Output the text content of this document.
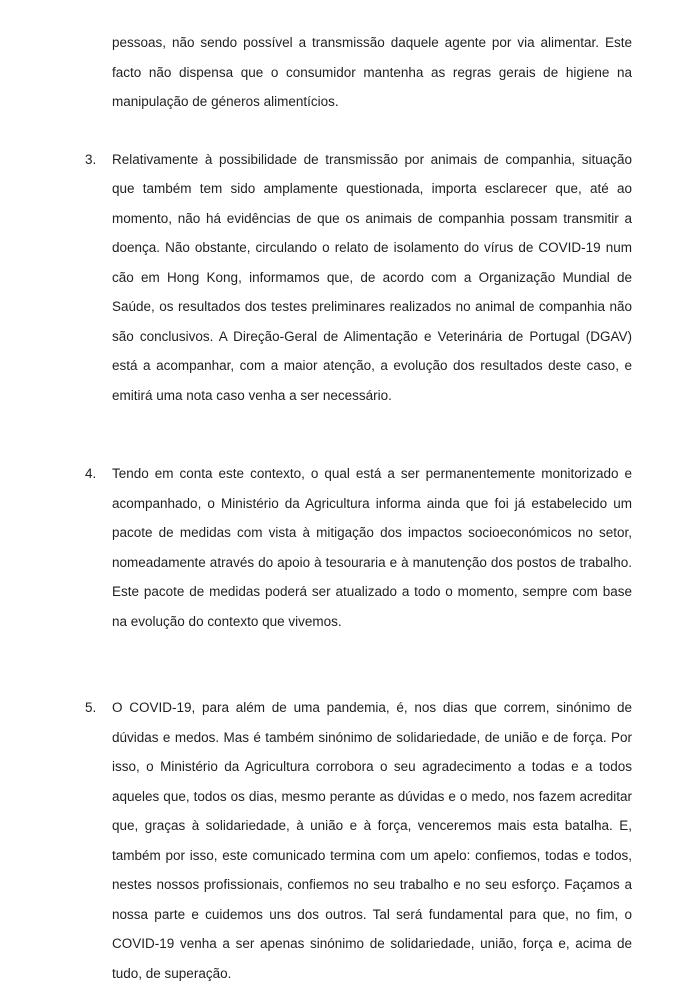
pessoas, não sendo possível a transmissão daquele agente por via alimentar. Este facto não dispensa que o consumidor mantenha as regras gerais de higiene na manipulação de géneros alimentícios.

3. Relativamente à possibilidade de transmissão por animais de companhia, situação que também tem sido amplamente questionada, importa esclarecer que, até ao momento, não há evidências de que os animais de companhia possam transmitir a doença. Não obstante, circulando o relato de isolamento do vírus de COVID-19 num cão em Hong Kong, informamos que, de acordo com a Organização Mundial de Saúde, os resultados dos testes preliminares realizados no animal de companhia não são conclusivos. A Direção-Geral de Alimentação e Veterinária de Portugal (DGAV) está a acompanhar, com a maior atenção, a evolução dos resultados deste caso, e emitirá uma nota caso venha a ser necessário.
4. Tendo em conta este contexto, o qual está a ser permanentemente monitorizado e acompanhado, o Ministério da Agricultura informa ainda que foi já estabelecido um pacote de medidas com vista à mitigação dos impactos socioeconómicos no setor, nomeadamente através do apoio à tesouraria e à manutenção dos postos de trabalho. Este pacote de medidas poderá ser atualizado a todo o momento, sempre com base na evolução do contexto que vivemos.
5. O COVID-19, para além de uma pandemia, é, nos dias que correm, sinónimo de dúvidas e medos. Mas é também sinónimo de solidariedade, de união e de força. Por isso, o Ministério da Agricultura corrobora o seu agradecimento a todas e a todos aqueles que, todos os dias, mesmo perante as dúvidas e o medo, nos fazem acreditar que, graças à solidariedade, à união e à força, venceremos mais esta batalha. E, também por isso, este comunicado termina com um apelo: confiemos, todas e todos, nestes nossos profissionais, confiemos no seu trabalho e no seu esforço. Façamos a nossa parte e cuidemos uns dos outros. Tal será fundamental para que, no fim, o COVID-19 venha a ser apenas sinónimo de solidariedade, união, força e, acima de tudo, de superação.
